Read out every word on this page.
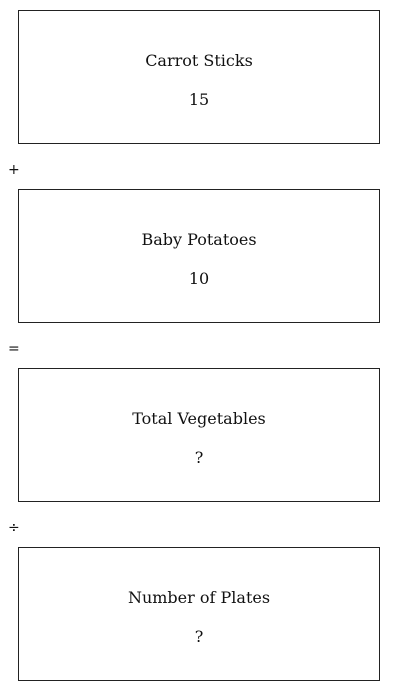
Carrot Sticks
15
+
Baby Potatoes
10
=
Total Vegetables
?
÷
Number of Plates
?
